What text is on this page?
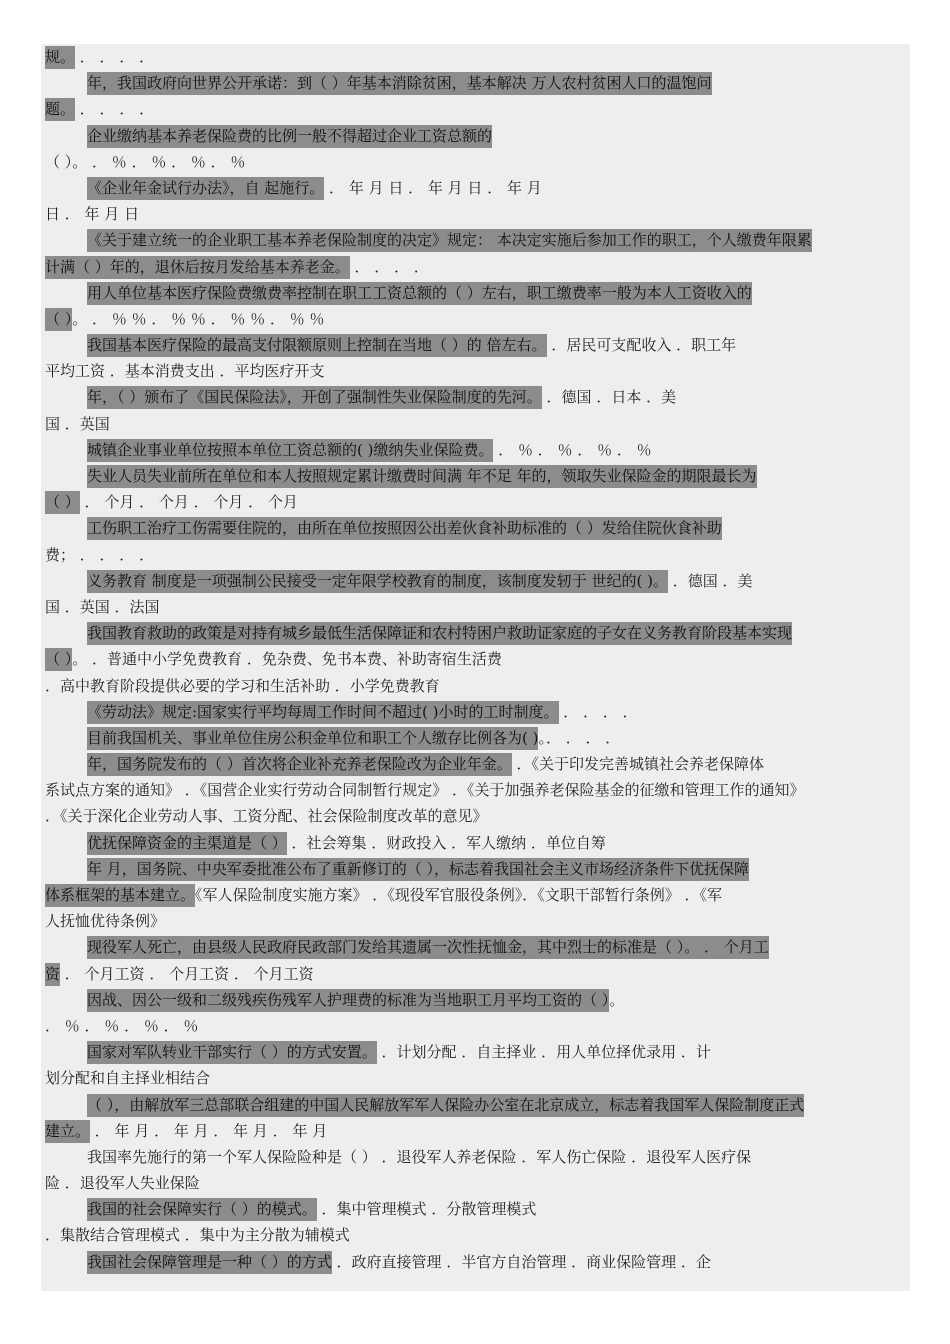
规。 ． ． ． ．
年，我国政府向世界公开承诺：到（ ）年基本消除贫困，基本解决 万人农村贫困人口的温饱问
题。 ． ． ． ．
企业缴纳基本养老保险费的比例一般不得超过企业工资总额的
（ ）。 ． ％ ． ％ ． ％ ． ％
《企业年金试行办法》，自 起施行。 ． 年 月 日 ． 年 月 日 ． 年 月
日 ． 年 月 日
《关于建立统一的企业职工基本养老保险制度的决定》规定： 本决定实施后参加工作的职工，个人缴费年限累
计满（ ）年的，退休后按月发给基本养老金。 ． ． ． ．
用人单位基本医疗保险费缴费率控制在职工工资总额的（ ）左右，职工缴费率一般为本人工资收入的
（ ）。 ． ％ ％ ． ％ ％ ． ％ ％ ． ％ ％
我国基本医疗保险的最高支付限额原则上控制在当地（ ）的 倍左右。 ．居民可支配收入 ．职工年
平均工资 ．基本消费支出 ．平均医疗开支
年，（ ）颁布了《国民保险法》，开创了强制性失业保险制度的先河。 ．德国 ．日本 ．美
国 ．英国
城镇企业事业单位按照本单位工资总额的( )缴纳失业保险费。 ． ％ ． ％ ． ％ ． ％
失业人员失业前所在单位和本人按照规定累计缴费时间满 年不足 年的，领取失业保险金的期限最长为
（ ） ． 个月 ． 个月 ． 个月 ． 个月
工伤职工治疗工伤需要住院的，由所在单位按照因公出差伙食补助标准的（ ）发给住院伙食补助
费； ． ． ． ．
义务教育 制度是一项强制公民接受一定年限学校教育的制度，该制度发轫于 世纪的( )。 ．德国 ．美
国 ．英国 ．法国
我国教育救助的政策是对持有城乡最低生活保障证和农村特困户救助证家庭的子女在义务教育阶段基本实现
（ ）。 ．普通中小学免费教育 ．免杂费、免书本费、补助寄宿生活费
．高中教育阶段提供必要的学习和生活补助 ．小学免费教育
《劳动法》规定:国家实行平均每周工作时间不超过( )小时的工时制度。 ． ． ． ．
目前我国机关、事业单位住房公积金单位和职工个人缴存比例各为( )。． ． ． ．
年，国务院发布的（ ）首次将企业补充养老保险改为企业年金。 ．《关于印发完善城镇社会养老保障体
系试点方案的通知》 ．《国营企业实行劳动合同制暂行规定》 ．《关于加强养老保险基金的征缴和管理工作的通知》
．《关于深化企业劳动人事、工资分配、社会保险制度改革的意见》
优抚保障资金的主渠道是（ ） ．社会筹集 ．财政投入 ．军人缴纳 ．单位自筹
年 月，国务院、中央军委批准公布了重新修订的（ ），标志着我国社会主义市场经济条件下优抚保障
体系框架的基本建立。《军人保险制度实施方案》 ．《现役军官服役条例》．《文职干部暂行条例》 ．《军
人抚恤优待条例》
现役军人死亡，由县级人民政府民政部门发给其遗属一次性抚恤金，其中烈士的标准是（ ）。 ． 个月工
资 ． 个月工资 ． 个月工资 ． 个月工资
因战、因公一级和二级残疾伤残军人护理费的标准为当地职工月平均工资的（ ）。
． ％ ． ％ ． ％ ． ％
国家对军队转业干部实行（ ）的方式安置。 ．计划分配 ．自主择业 ．用人单位择优录用 ．计
划分配和自主择业相结合
（ ），由解放军三总部联合组建的中国人民解放军军人保险办公室在北京成立，标志着我国军人保险制度正式
建立。 ． 年 月 ． 年 月 ． 年 月 ． 年 月
我国率先施行的第一个军人保险险种是（ ） ．退役军人养老保险 ．军人伤亡保险 ．退役军人医疗保
险 ．退役军人失业保险
我国的社会保障实行（ ）的模式。 ．集中管理模式 ．分散管理模式
．集散结合管理模式 ．集中为主分散为辅模式
我国社会保障管理是一种（ ）的方式 ．政府直接管理 ．半官方自治管理 ．商业保险管理 ．企
